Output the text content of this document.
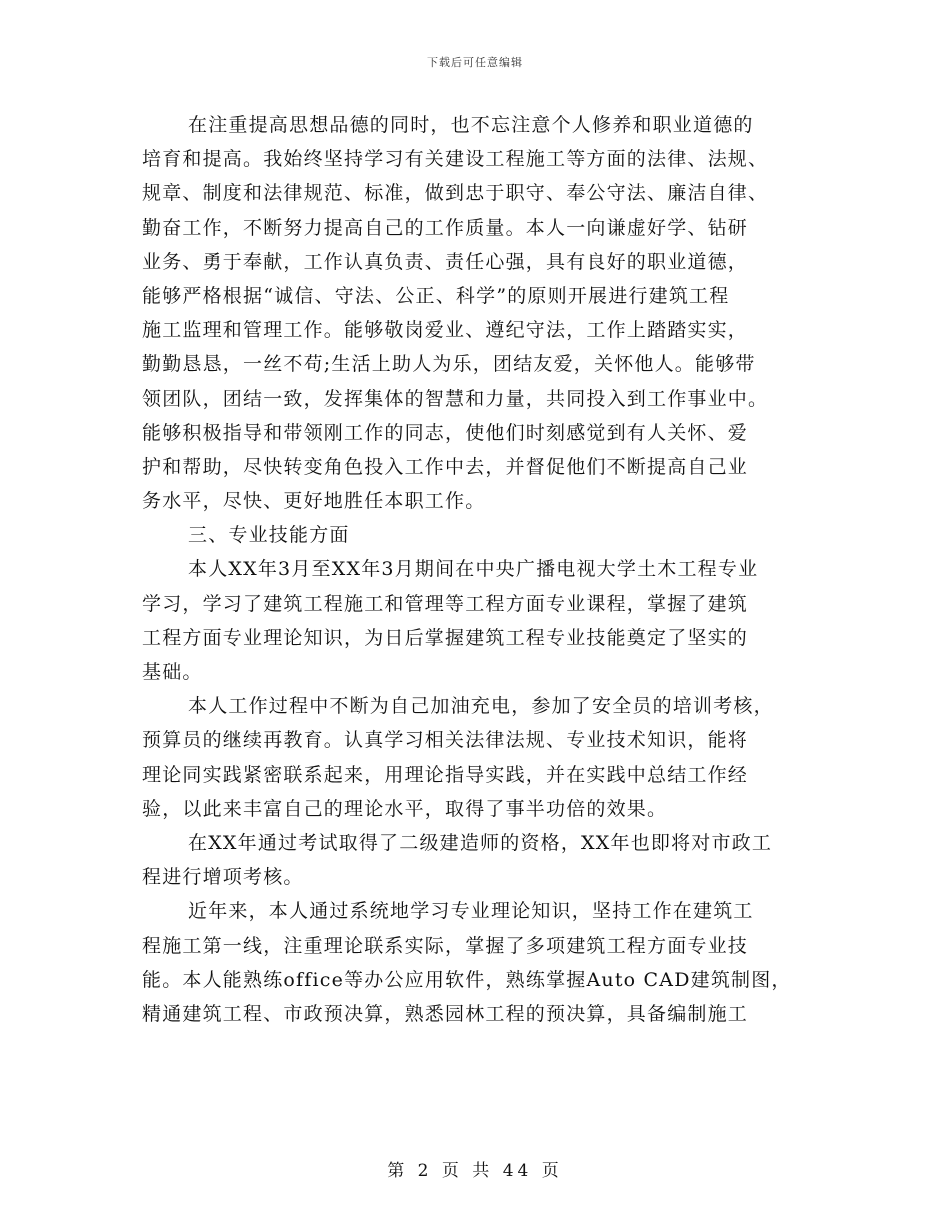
下载后可任意编辑
在注重提高思想品德的同时，也不忘注意个人修养和职业道德的
培育和提高。我始终坚持学习有关建设工程施工等方面的法律、法规、
规章、制度和法律规范、标准，做到忠于职守、奉公守法、廉洁自律、
勤奋工作，不断努力提高自己的工作质量。本人一向谦虚好学、钻研
业务、勇于奉献，工作认真负责、责任心强，具有良好的职业道德，
能够严格根据“诚信、守法、公正、科学”的原则开展进行建筑工程
施工监理和管理工作。能够敬岗爱业、遵纪守法，工作上踏踏实实，
勤勤恳恳，一丝不苟;生活上助人为乐，团结友爱，关怀他人。能够带
领团队，团结一致，发挥集体的智慧和力量，共同投入到工作事业中。
能够积极指导和带领刚工作的同志，使他们时刻感觉到有人关怀、爱
护和帮助，尽快转变角色投入工作中去，并督促他们不断提高自己业
务水平，尽快、更好地胜任本职工作。
三、专业技能方面
本人XX年3月至XX年3月期间在中央广播电视大学土木工程专业
学习，学习了建筑工程施工和管理等工程方面专业课程，掌握了建筑
工程方面专业理论知识，为日后掌握建筑工程专业技能奠定了坚实的
基础。
本人工作过程中不断为自己加油充电，参加了安全员的培训考核，
预算员的继续再教育。认真学习相关法律法规、专业技术知识，能将
理论同实践紧密联系起来，用理论指导实践，并在实践中总结工作经
验，以此来丰富自己的理论水平，取得了事半功倍的效果。
在XX年通过考试取得了二级建造师的资格，XX年也即将对市政工
程进行增项考核。
近年来，本人通过系统地学习专业理论知识，坚持工作在建筑工
程施工第一线，注重理论联系实际，掌握了多项建筑工程方面专业技
能。本人能熟练office等办公应用软件，熟练掌握Auto CAD建筑制图，
精通建筑工程、市政预决算，熟悉园林工程的预决算，具备编制施工
第 2 页 共 44 页
